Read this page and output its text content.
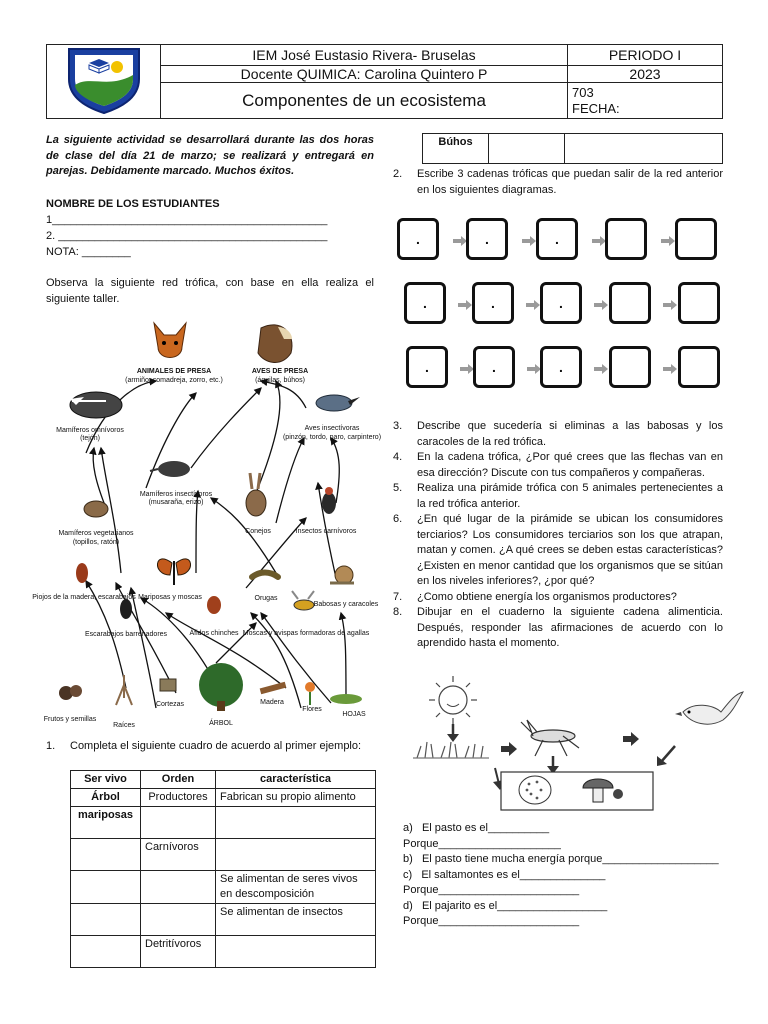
	IEM José Eustasio Rivera- Bruselas	PERIODO I
	Docente QUIMICA: Carolina Quintero P	2023
	Componentes de un ecosistema	703
FECHA:

La siguiente actividad se desarrollará durante las dos horas de clase del día 21 de marzo; se realizará y entregará en parejas. Debidamente marcado. Muchos éxitos.

NOMBRE DE LOS ESTUDIANTES
1_____________________________________________
2. ____________________________________________
NOTA: ________

Observa la siguiente red trófica, con base en ella realiza el siguiente taller.

ANIMALES DE PRESA
(armiño, comadreja, zorro, etc.)
AVES DE PRESA
(águilas, búhos)
Mamíferos omnívoros
(tejón)
Aves insectívoras
(pinzón, tordo, paro, carpintero)
Mamíferos insectívoros
(musaraña, erizo)
Mamíferos vegetarianos
(topillos, ratón)
Conejos	Insectos carnívoros
Piojos de la madera, escarabajos Mariposas y moscas	Orugas
Babosas y caracoles
Escarabajos barrenadores	Áfidos chinches Moscas y avispas formadoras de agallas
Frutos y semillas
Raíces
Cortezas
ÁRBOL
Madera
Flores
HOJAS
1. Completa el siguiente cuadro de acuerdo al primer ejemplo:
Ser vivo	Orden	característica
Árbol	Productores	Fabrican su propio alimento
mariposas		
	Carnívoros	
		Se alimentan de seres vivos en descomposición
		Se alimentan de insectos
	Detritívoros	
Búhos		
2. Escribe 3 cadenas tróficas que puedan salir de la red anterior en los siguientes diagramas.
.	.	.
.	.	.
.	.	.
3. Describe que sucedería si eliminas a las babosas y los caracoles de la red trófica.
4. En la cadena trófica, ¿Por qué crees que las flechas van en esa dirección? Discute con tus compañeros y compañeras.
5. Realiza una pirámide trófica con 5 animales pertenecientes a la red trófica anterior.
6. ¿En qué lugar de la pirámide se ubican los consumidores terciarios? Los consumidores terciarios son los que atrapan, matan y comen. ¿A qué crees se deben estas características? ¿Existen en menor cantidad que los organismos que se sitúan en los niveles inferiores?, ¿por qué?
7. ¿Como obtiene energía los organismos productores?
8. Dibujar en el cuaderno la siguiente cadena alimenticia. Después, responder las afirmaciones de acuerdo con lo aprendido hasta el momento.
a) El pasto es el__________
Porque____________________
b) El pasto tiene mucha energía porque___________________
c) El saltamontes es el______________
Porque_______________________
d) El pajarito es el__________________
Porque_______________________
